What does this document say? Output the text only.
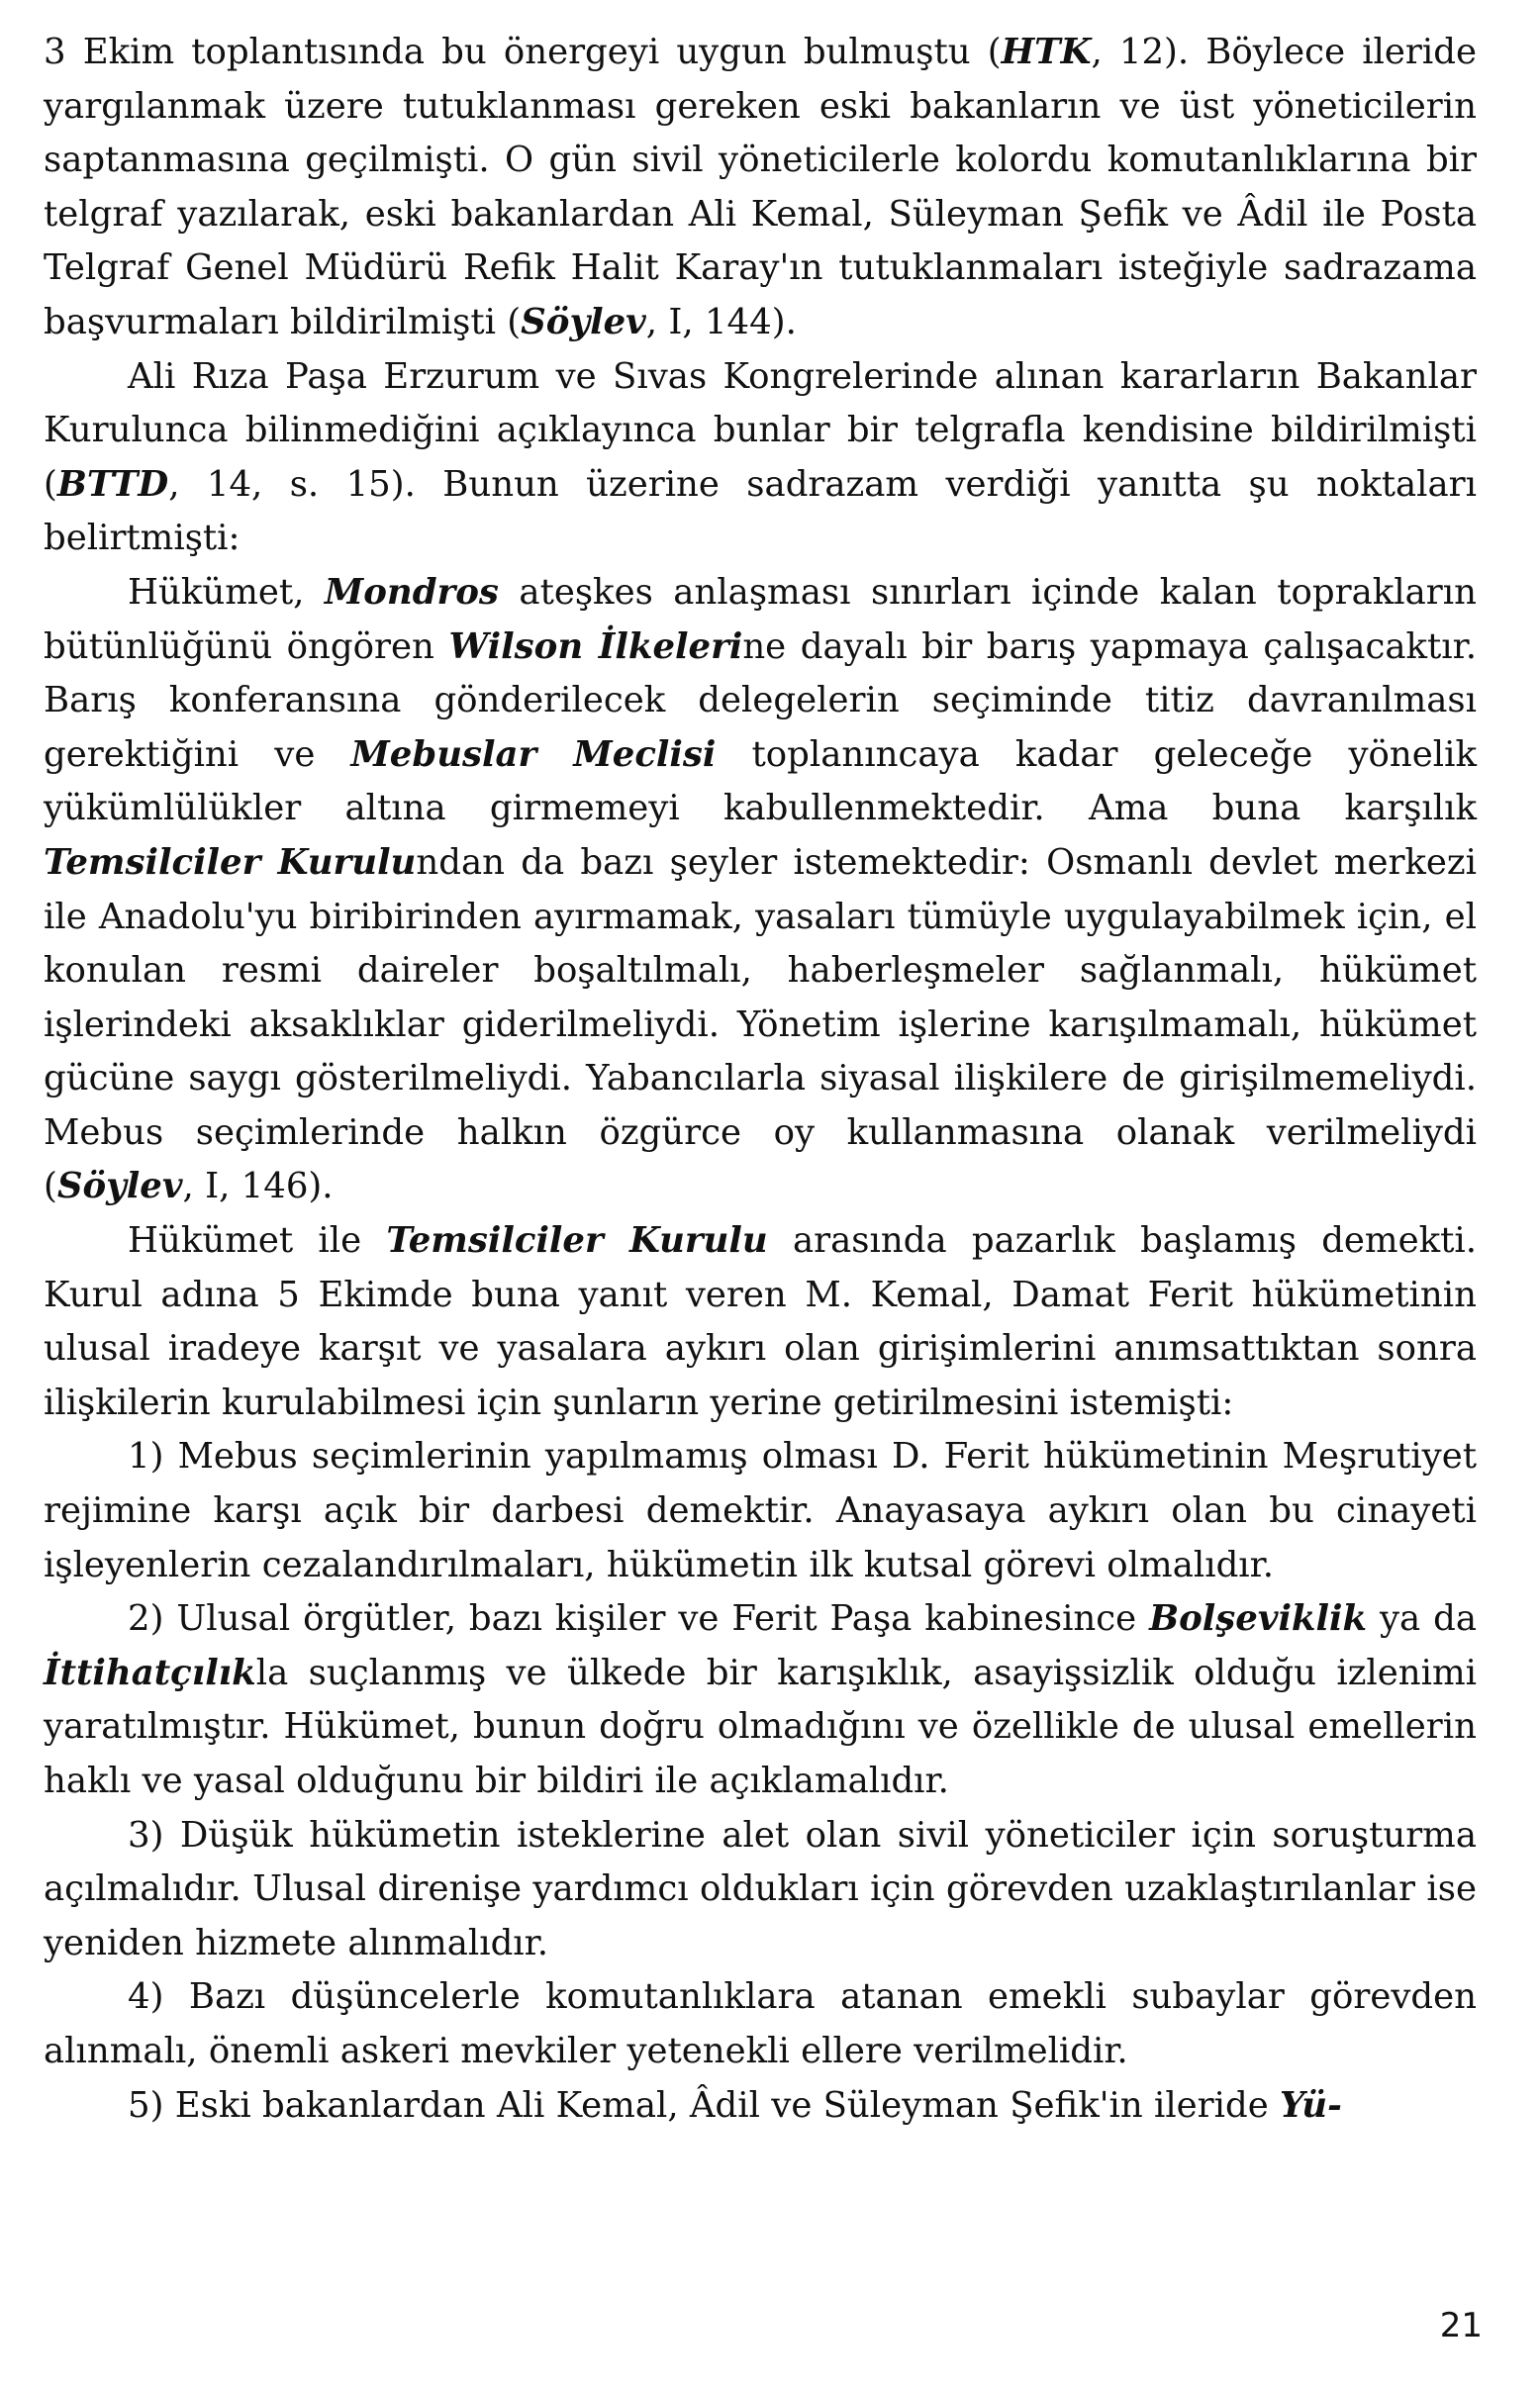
3 Ekim toplantısında bu önergeyi uygun bulmuştu (HTK, 12). Böylece ileride yargılanmak üzere tutuklanması gereken eski bakanların ve üst yöneticilerin saptanmasına geçilmişti. O gün sivil yöneticilerle kolordu komutanlıklarına bir telgraf yazılarak, eski bakanlardan Ali Kemal, Süleyman Şefik ve Âdil ile Posta Telgraf Genel Müdürü Refik Halit Karay'ın tutuklanmaları isteğiyle sadrazama başvurmaları bildirilmişti (Söylev, I, 144).

Ali Rıza Paşa Erzurum ve Sıvas Kongrelerinde alınan kararların Bakanlar Kurulunca bilinmediğini açıklayınca bunlar bir telgrafla kendisine bildirilmişti (BTTD, 14, s. 15). Bunun üzerine sadrazam verdiği yanıtta şu noktaları belirtmişti:

Hükümet, Mondros ateşkes anlaşması sınırları içinde kalan toprakların bütünlüğünü öngören Wilson İlkelerine dayalı bir barış yapmaya çalışacaktır. Barış konferansına gönderilecek delegelerin seçiminde titiz davranılması gerektiğini ve Mebuslar Meclisi toplanıncaya kadar geleceğe yönelik yükümlülükler altına girmemeyi kabullenmektedir. Ama buna karşılık Temsilciler Kurulundan da bazı şeyler istemektedir: Osmanlı devlet merkezi ile Anadolu'yu biribirinden ayırmamak, yasaları tümüyle uygulayabilmek için, el konulan resmi daireler boşaltılmalı, haberleşmeler sağlanmalı, hükümet işlerindeki aksaklıklar giderilmeliydi. Yönetim işlerine karışılmamalı, hükümet gücüne saygı gösterilmeliydi. Yabancılarla siyasal ilişkilere de girişilmemeliydi. Mebus seçimlerinde halkın özgürce oy kullanmasına olanak verilmeliydi (Söylev, I, 146).

Hükümet ile Temsilciler Kurulu arasında pazarlık başlamış demekti. Kurul adına 5 Ekimde buna yanıt veren M. Kemal, Damat Ferit hükümetinin ulusal iradeye karşıt ve yasalara aykırı olan girişimlerini anımsattıktan sonra ilişkilerin kurulabilmesi için şunların yerine getirilmesini istemişti:

1) Mebus seçimlerinin yapılmamış olması D. Ferit hükümetinin Meşrutiyet rejimine karşı açık bir darbesi demektir. Anayasaya aykırı olan bu cinayeti işleyenlerin cezalandırılmaları, hükümetin ilk kutsal görevi olmalıdır.

2) Ulusal örgütler, bazı kişiler ve Ferit Paşa kabinesince Bolşeviklik ya da İttihatçılıkla suçlanmış ve ülkede bir karışıklık, asayişsizlik olduğu izlenimi yaratılmıştır. Hükümet, bunun doğru olmadığını ve özellikle de ulusal emellerin haklı ve yasal olduğunu bir bildiri ile açıklamalıdır.

3) Düşük hükümetin isteklerine alet olan sivil yöneticiler için soruşturma açılmalıdır. Ulusal direnişe yardımcı oldukları için görevden uzaklaştırılanlar ise yeniden hizmete alınmalıdır.

4) Bazı düşüncelerle komutanlıklara atanan emekli subaylar görevden alınmalı, önemli askeri mevkiler yetenekli ellere verilmelidir.

5) Eski bakanlardan Ali Kemal, Âdil ve Süleyman Şefik'in ileride Yü-

21
